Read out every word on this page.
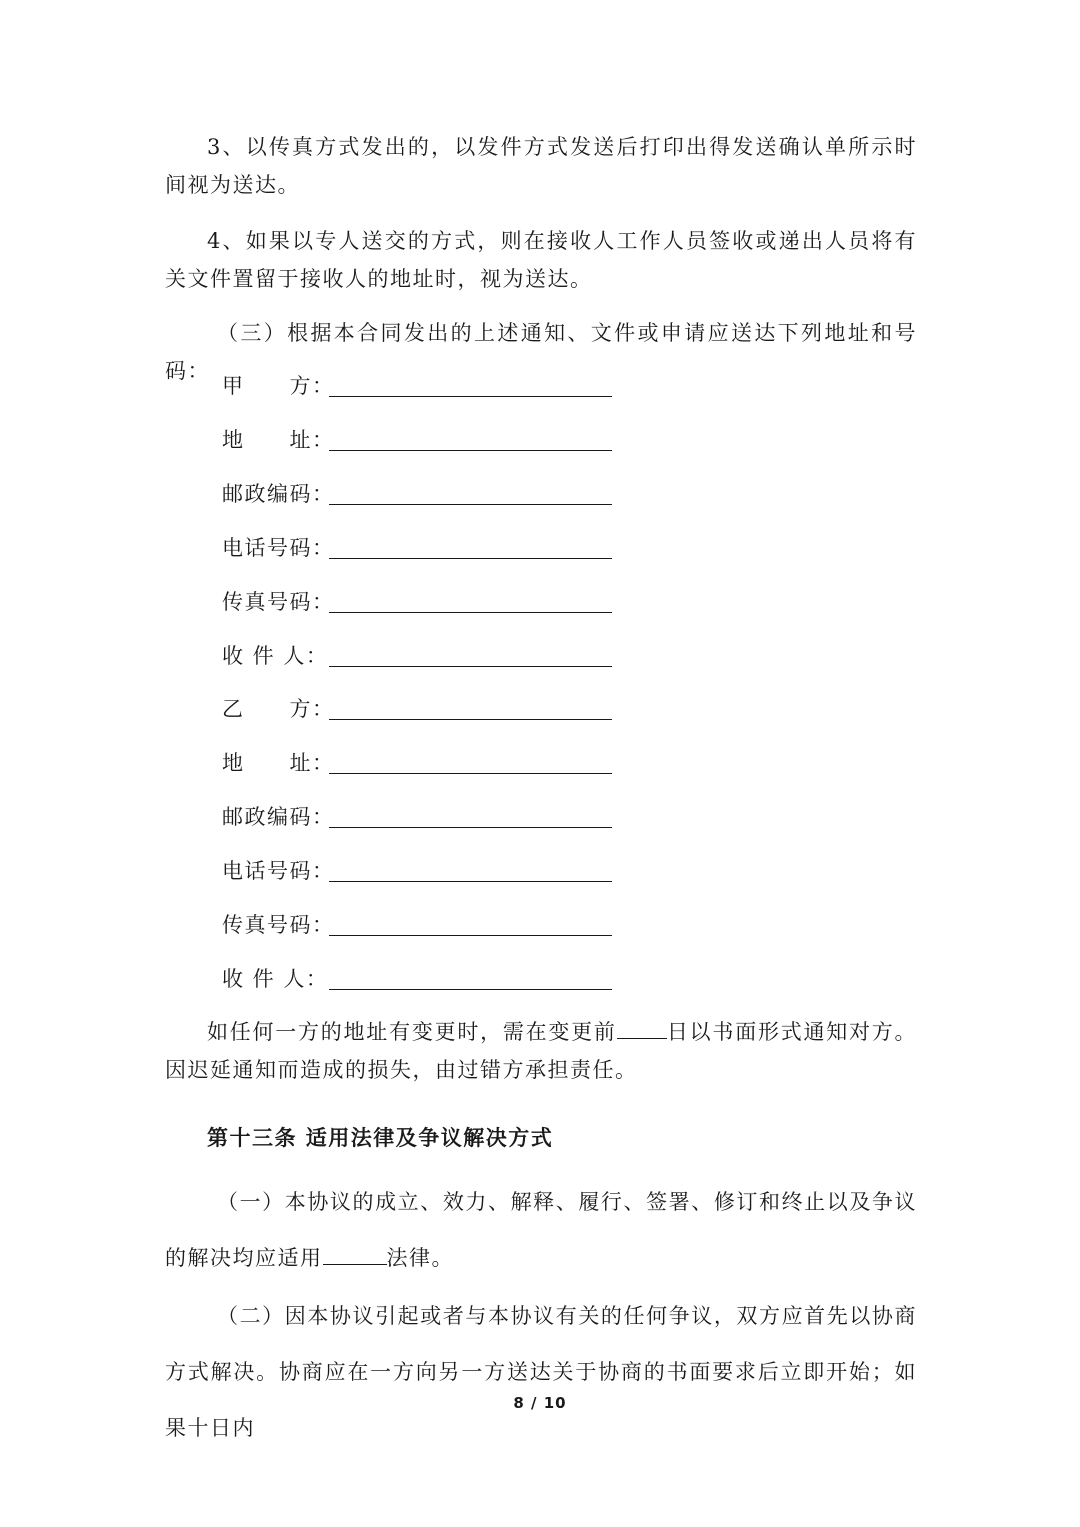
3、以传真方式发出的，以发件方式发送后打印出得发送确认单所示时间视为送达。

4、如果以专人送交的方式，则在接收人工作人员签收或递出人员将有关文件置留于接收人的地址时，视为送达。

（三）根据本合同发出的上述通知、文件或申请应送达下列地址和号码：

甲　　方：
地　　址：
邮政编码：
电话号码：
传真号码：
收 件 人：
乙　　方：
地　　址：
邮政编码：
电话号码：
传真号码：
收 件 人：

如任何一方的地址有变更时，需在变更前 日以书面形式通知对方。因迟延通知而造成的损失，由过错方承担责任。

第十三条 适用法律及争议解决方式

（一）本协议的成立、效力、解释、履行、签署、修订和终止以及争议的解决均应适用	法律。

（二）因本协议引起或者与本协议有关的任何争议，双方应首先以协商方式解决。协商应在一方向另一方送达关于协商的书面要求后立即开始；如果十日内

8 / 10
